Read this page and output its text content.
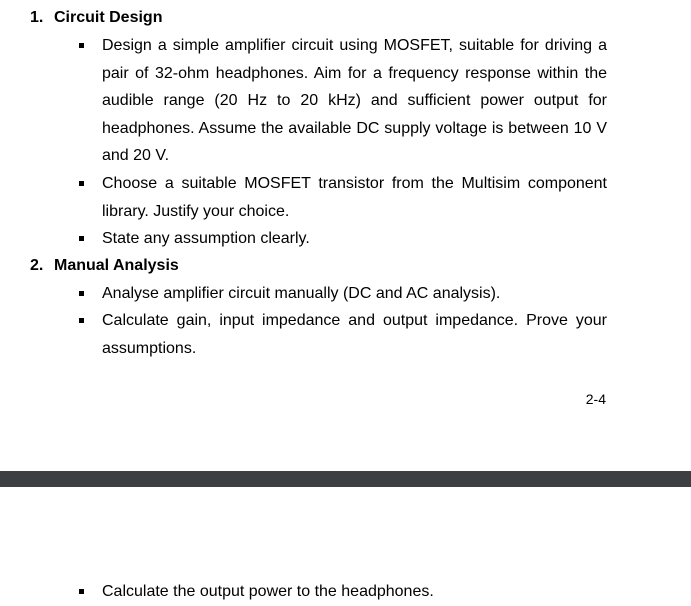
1. Circuit Design

Design a simple amplifier circuit using MOSFET, suitable for driving a pair of 32-ohm headphones. Aim for a frequency response within the audible range (20 Hz to 20 kHz) and sufficient power output for headphones. Assume the available DC supply voltage is between 10 V and 20 V.

Choose a suitable MOSFET transistor from the Multisim component library. Justify your choice.

State any assumption clearly.

2. Manual Analysis

Analyse amplifier circuit manually (DC and AC analysis).

Calculate gain, input impedance and output impedance. Prove your assumptions.

2-4

Calculate the output power to the headphones.
